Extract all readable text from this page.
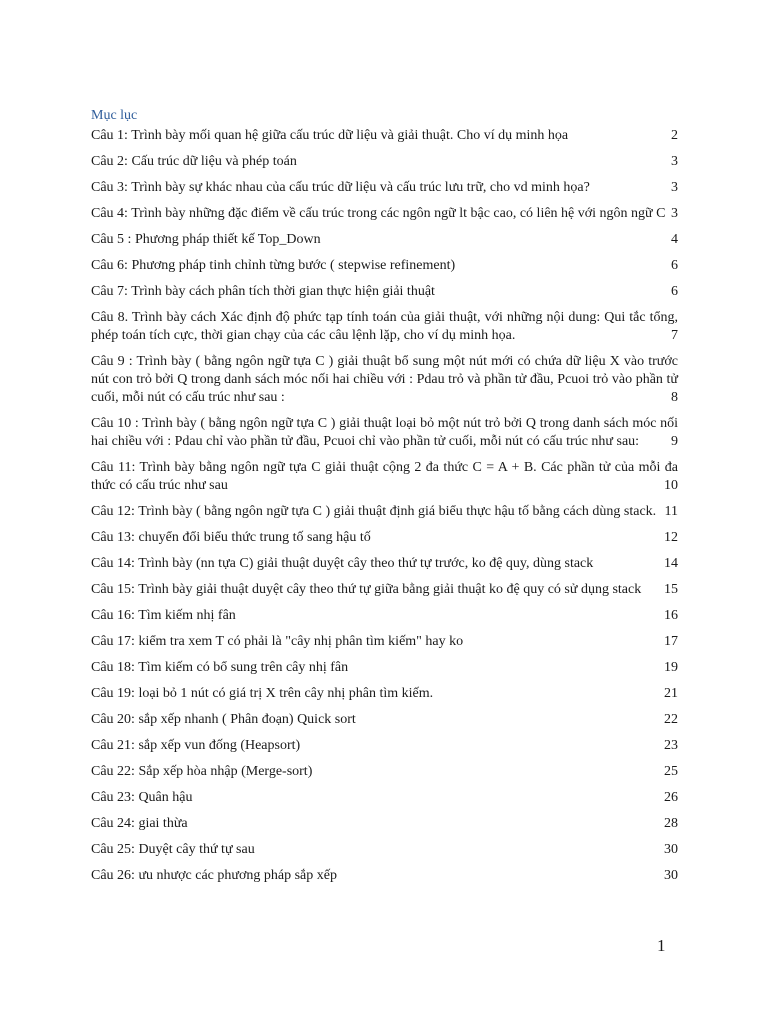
Mục lục
Câu 1: Trình bày mối quan hệ giữa cấu trúc dữ liệu và giải thuật. Cho ví dụ minh họa	2
Câu 2: Cấu trúc dữ liệu và phép toán	3
Câu 3: Trình bày sự khác nhau của cấu trúc dữ liệu và cấu trúc lưu trữ, cho vd minh họa?	3
Câu 4: Trình bày những đặc điểm về cấu trúc trong các ngôn ngữ lt bậc cao, có liên hệ với ngôn ngữ C 3
Câu 5 : Phương pháp thiết kế Top_Down	4
Câu 6: Phương pháp tinh chỉnh từng bước ( stepwise refinement)	6
Câu 7: Trình bày cách phân tích thời gian thực hiện giải thuật	6
Câu 8. Trình bày cách Xác định độ phức tạp tính toán của giải thuật, với những nội dung: Qui tắc tổng,
phép toán tích cực, thời gian chạy của các câu lệnh lặp, cho ví dụ minh họa.	7
Câu 9 : Trình bày ( bằng ngôn ngữ tựa C ) giải thuật bổ sung một nút mới có chứa dữ liệu X vào trước
nút con trỏ bởi Q trong danh sách móc nối hai chiều với : Pdau trỏ và phần tử đầu, Pcuoi trỏ vào phần tử
cuối, mỗi nút có cấu trúc như sau :	8
Câu 10 : Trình bày ( bằng ngôn ngữ tựa C ) giải thuật loại bỏ một nút trỏ bởi Q trong danh sách móc nối
hai chiều với : Pdau chỉ vào phần tử đầu, Pcuoi chỉ vào phần tử cuối, mỗi nút có cấu trúc như sau: 9
Câu 11: Trình bày bằng ngôn ngữ tựa C giải thuật cộng 2 đa thức C = A + B. Các phần tử của mỗi đa
thức có cấu trúc như sau	10
Câu 12: Trình bày ( bằng ngôn ngữ tựa C ) giải thuật định giá biểu thực hậu tố bằng cách dùng stack. 11
Câu 13: chuyển đổi biểu thức trung tố sang hậu tố	12
Câu 14: Trình bày (nn tựa C) giải thuật duyệt cây theo thứ tự trước, ko đệ quy, dùng stack	14
Câu 15: Trình bày giải thuật duyệt cây theo thứ tự giữa bằng giải thuật ko đệ quy có sử dụng stack 15
Câu 16: Tìm kiếm nhị fân	16
Câu 17: kiểm tra xem T có phải là "cây nhị phân tìm kiếm" hay ko	17
Câu 18: Tìm kiếm có bổ sung trên cây nhị fân	19
Câu 19: loại bỏ 1 nút có giá trị X trên cây nhị phân tìm kiếm.	21
Câu 20: sắp xếp nhanh ( Phân đoạn) Quick sort	22
Câu 21: sắp xếp vun đống (Heapsort)	23
Câu 22: Sắp xếp hòa nhập (Merge-sort)	25
Câu 23: Quân hậu	26
Câu 24: giai thừa	28
Câu 25: Duyệt cây thứ tự sau	30
Câu 26: ưu nhược các phương pháp sắp xếp	30
1
